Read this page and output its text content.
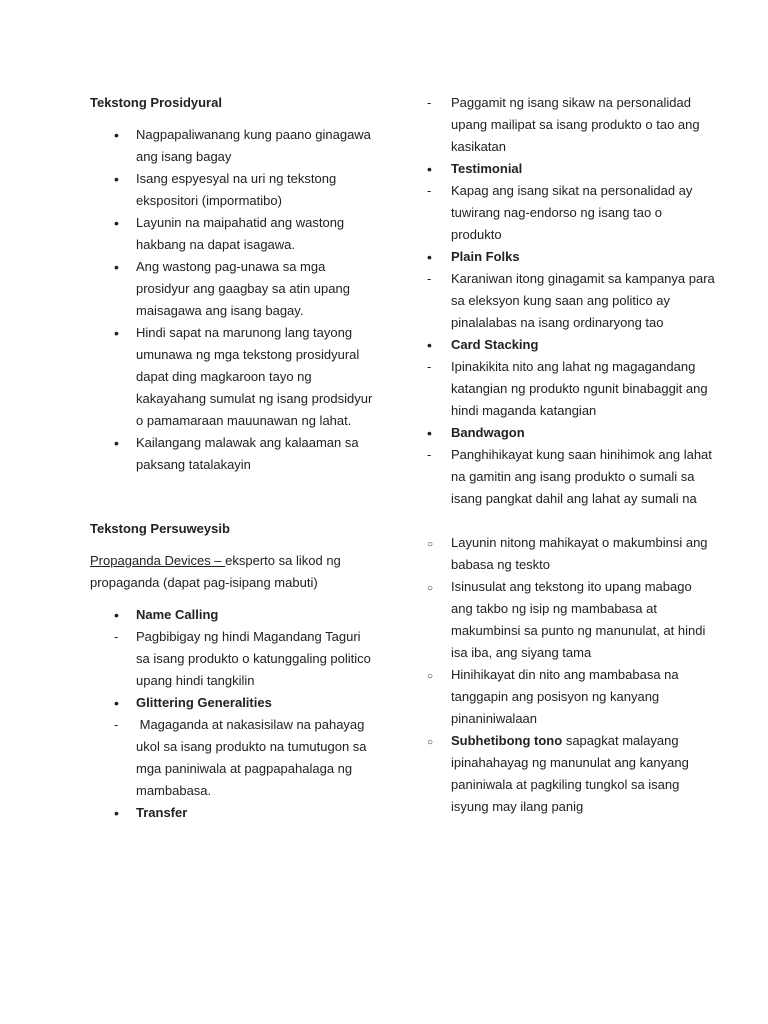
Tekstong Prosidyural

•
Nagpapaliwanang kung paano ginagawa ang isang bagay
•
Isang espyesyal na uri ng tekstong ekspositori (impormatibo)
•
Layunin na maipahatid ang wastong hakbang na dapat isagawa.
•
Ang wastong pag-unawa sa mga prosidyur ang gaagbay sa atin upang maisagawa ang isang bagay.
•
Hindi sapat na marunong lang tayong umunawa ng mga tekstong prosidyural dapat ding magkaroon tayo ng kakayahang sumulat ng isang prodsidyur o pamamaraan mauunawan ng lahat.
•
Kailangang malawak ang kalaaman sa paksang tatalakayin

Tekstong Persuweysib

Propaganda Devices – eksperto sa likod ng propaganda (dapat pag-isipang mabuti)

•
Name Calling
-
Pagbibigay ng hindi Magandang Taguri sa isang produkto o katunggaling politico upang hindi tangkilin
•
Glittering Generalities
-
Magaganda at nakasisilaw na pahayag ukol sa isang produkto na tumutugon sa mga paniniwala at pagpapahalaga ng mambabasa.
•
Transfer
-
Paggamit ng isang sikaw na personalidad upang mailipat sa isang produkto o tao ang kasikatan
•
Testimonial
-
Kapag ang isang sikat na personalidad ay tuwirang nag-endorso ng isang tao o produkto
•
Plain Folks
-
Karaniwan itong ginagamit sa kampanya para sa eleksyon kung saan ang politico ay pinalalabas na isang ordinaryong tao
•
Card Stacking
-
Ipinakikita nito ang lahat ng magagandang katangian ng produkto ngunit binabaggit ang hindi maganda katangian
•
Bandwagon
-
Panghihikayat kung saan hinihimok ang lahat na gamitin ang isang produkto o sumali sa isang pangkat dahil ang lahat ay sumali na
○
Layunin nitong mahikayat o makumbinsi ang babasa ng teskto
○
Isinusulat ang tekstong ito upang mabago ang takbo ng isip ng mambabasa at makumbinsi sa punto ng manunulat, at hindi isa iba, ang siyang tama
○
Hinihikayat din nito ang mambabasa na tanggapin ang posisyon ng kanyang pinaniniwalaan
○
Subhetibong tono sapagkat malayang ipinahahayag ng manunulat ang kanyang paniniwala at pagkiling tungkol sa isang isyung may ilang panig
